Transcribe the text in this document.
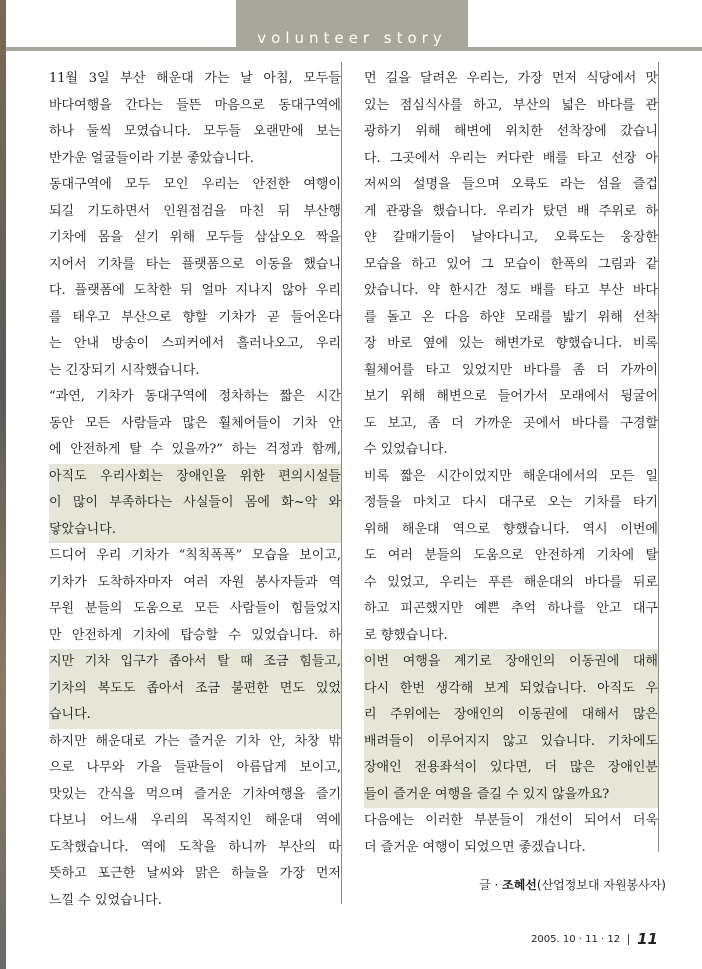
volunteer story
11월 3일 부산 해운대 가는 날 아침, 모두들
바다여행을 간다는 들뜬 마음으로 동대구역에
하나 둘씩 모였습니다. 모두들 오랜만에 보는
반가운 얼굴들이라 기분 좋았습니다.
동대구역에 모두 모인 우리는 안전한 여행이
되길 기도하면서 인원점검을 마친 뒤 부산행
기차에 몸을 싣기 위해 모두들 삼삼오오 짝을
지어서 기차를 타는 플랫폼으로 이동을 했습니
다. 플랫폼에 도착한 뒤 얼마 지나지 않아 우리
를 태우고 부산으로 향할 기차가 곧 들어온다
는 안내 방송이 스피커에서 흘러나오고, 우리
는 긴장되기 시작했습니다.
“과연, 기차가 동대구역에 정차하는 짧은 시간
동안 모든 사람들과 많은 휠체어들이 기차 안
에 안전하게 탈 수 있을까?” 하는 걱정과 함께,
아직도 우리사회는 장애인을 위한 편의시설들
이 많이 부족하다는 사실들이 몸에 화~악 와
닿았습니다.
드디어 우리 기차가 “칙칙폭폭” 모습을 보이고,
기차가 도착하자마자 여러 자원 봉사자들과 역
무원 분들의 도움으로 모든 사람들이 힘들었지
만 안전하게 기차에 탑승할 수 있었습니다. 하
지만 기차 입구가 좁아서 탈 때 조금 힘들고,
기차의 복도도 좁아서 조금 불편한 면도 있었
습니다.
하지만 해운대로 가는 즐거운 기차 안, 차창 밖
으로 나무와 가을 들판들이 아름답게 보이고,
맛있는 간식을 먹으며 즐거운 기차여행을 즐기
다보니 어느새 우리의 목적지인 해운대 역에
도착했습니다. 역에 도착을 하니까 부산의 따
뜻하고 포근한 날씨와 맑은 하늘을 가장 먼저
느낄 수 있었습니다.
먼 길을 달려온 우리는, 가장 먼저 식당에서 맛
있는 점심식사를 하고, 부산의 넓은 바다를 관
광하기 위해 해변에 위치한 선착장에 갔습니
다. 그곳에서 우리는 커다란 배를 타고 선장 아
저씨의 설명을 들으며 오륙도 라는 섬을 즐겁
게 관광을 했습니다. 우리가 탔던 배 주위로 하
얀 갈매기들이 날아다니고, 오륙도는 웅장한
모습을 하고 있어 그 모습이 한폭의 그림과 같
았습니다. 약 한시간 정도 배를 타고 부산 바다
를 돌고 온 다음 하얀 모래를 밟기 위해 선착
장 바로 옆에 있는 해변가로 향했습니다. 비록
휠체어를 타고 있었지만 바다를 좀 더 가까이
보기 위해 해변으로 들어가서 모래에서 뒹굴어
도 보고, 좀 더 가까운 곳에서 바다를 구경할
수 있었습니다.
비록 짧은 시간이었지만 해운대에서의 모든 일
정들을 마치고 다시 대구로 오는 기차를 타기
위해 해운대 역으로 향했습니다. 역시 이번에
도 여러 분들의 도움으로 안전하게 기차에 탈
수 있었고, 우리는 푸른 해운대의 바다를 뒤로
하고 피곤했지만 예쁜 추억 하나를 안고 대구
로 향했습니다.
이번 여행을 계기로 장애인의 이동권에 대해
다시 한번 생각해 보게 되었습니다. 아직도 우
리 주위에는 장애인의 이동권에 대해서 많은
배려들이 이루어지지 않고 있습니다. 기차에도
장애인 전용좌석이 있다면, 더 많은 장애인분
들이 즐거운 여행을 즐길 수 있지 않을까요?
다음에는 이러한 부분들이 개선이 되어서 더욱
더 즐거운 여행이 되었으면 좋겠습니다.
글 · 조혜선(산업정보대 자원봉사자)
2005. 10 · 11 · 12 11
